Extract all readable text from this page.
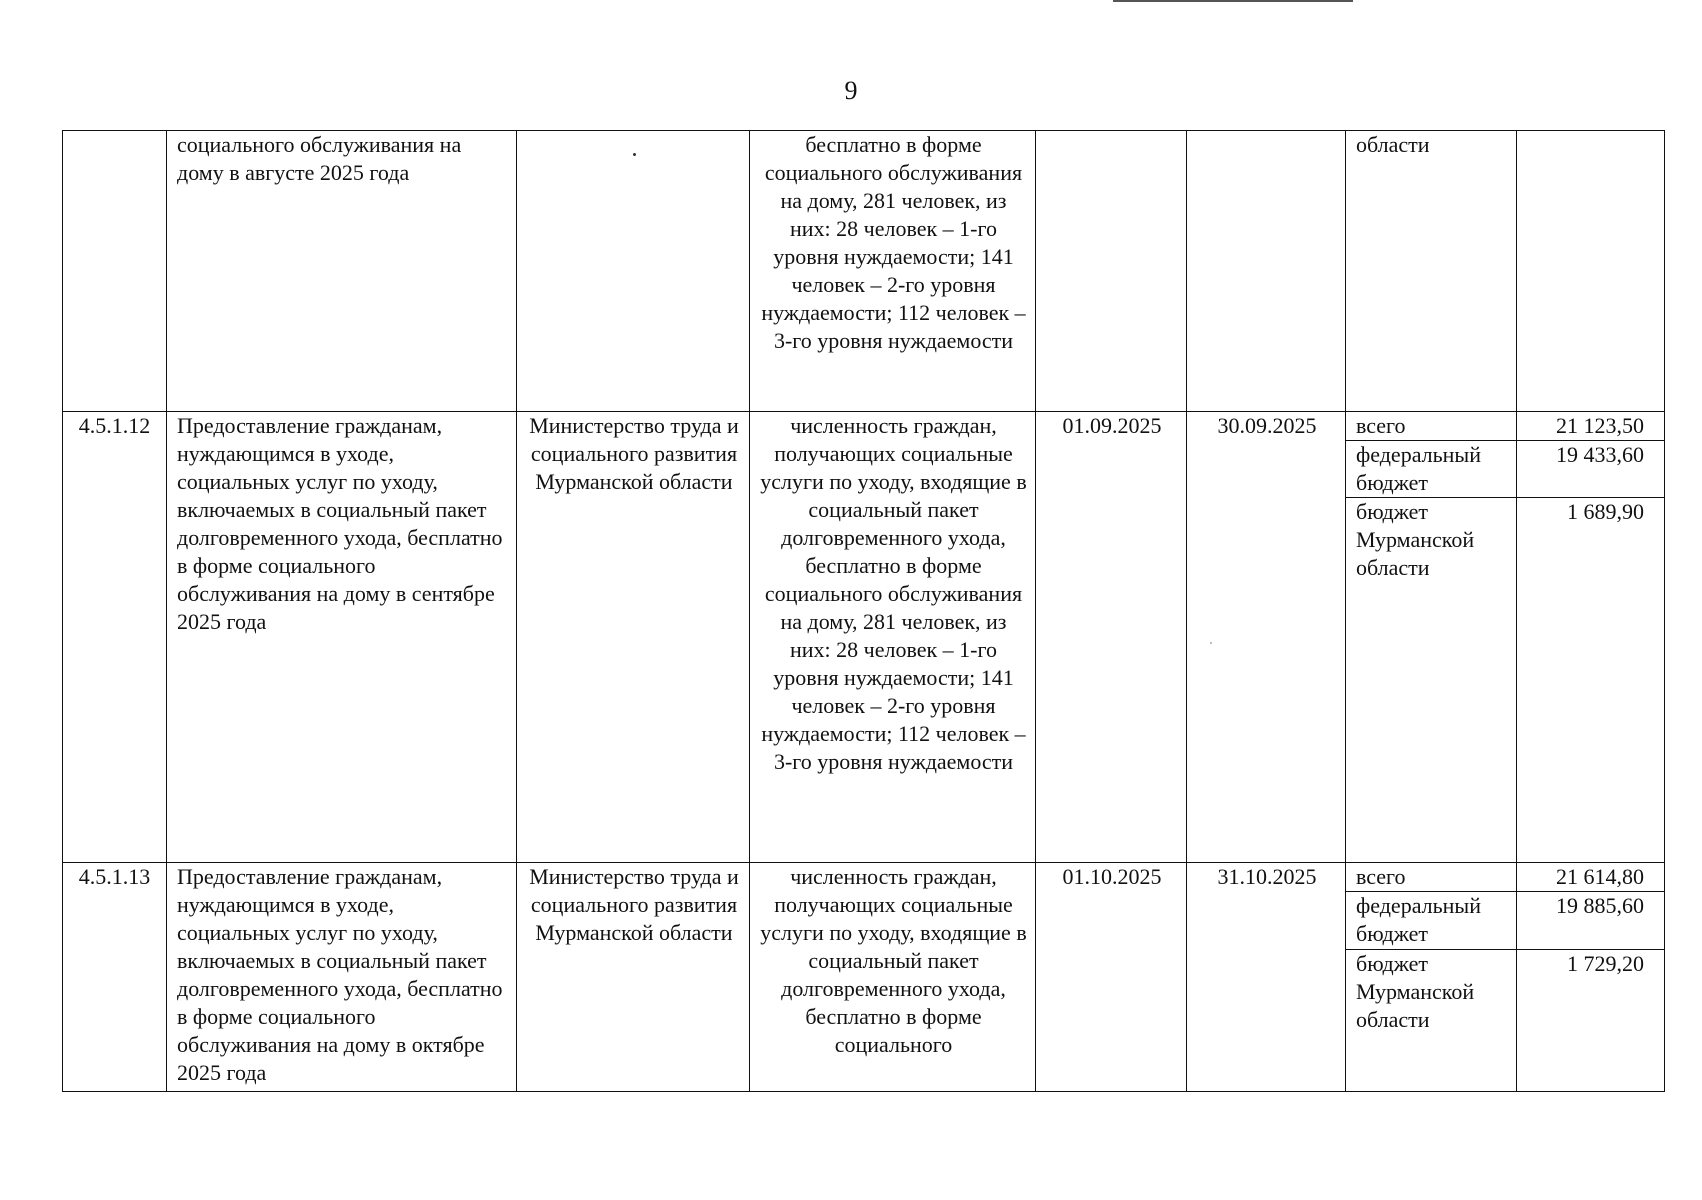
9
	социального обслуживания на дому в августе 2025 года		бесплатно в форме социального обслуживания на дому, 281 человек, из них: 28 человек – 1-го уровня нуждаемости; 141 человек – 2-го уровня нуждаемости; 112 человек – 3-го уровня нуждаемости			области	
4.5.1.12	Предоставление гражданам, нуждающимся в уходе, социальных услуг по уходу, включаемых в социальный пакет долговременного ухода, бесплатно в форме социального обслуживания на дому в сентябре 2025 года	Министерство труда и социального развития Мурманской области	численность граждан, получающих социальные услуги по уходу, входящие в социальный пакет долговременного ухода, бесплатно в форме социального обслуживания на дому, 281 человек, из них: 28 человек – 1-го уровня нуждаемости; 141 человек – 2-го уровня нуждаемости; 112 человек – 3-го уровня нуждаемости	01.09.2025	30.09.2025	всего	21 123,50
						федеральный бюджет	19 433,60
						бюджет Мурманской области	1 689,90
4.5.1.13	Предоставление гражданам, нуждающимся в уходе, социальных услуг по уходу, включаемых в социальный пакет долговременного ухода, бесплатно в форме социального обслуживания на дому в октябре 2025 года	Министерство труда и социального развития Мурманской области	численность граждан, получающих социальные услуги по уходу, входящие в социальный пакет долговременного ухода, бесплатно в форме социального	01.10.2025	31.10.2025	всего	21 614,80
						федеральный бюджет	19 885,60
						бюджет Мурманской области	1 729,20
